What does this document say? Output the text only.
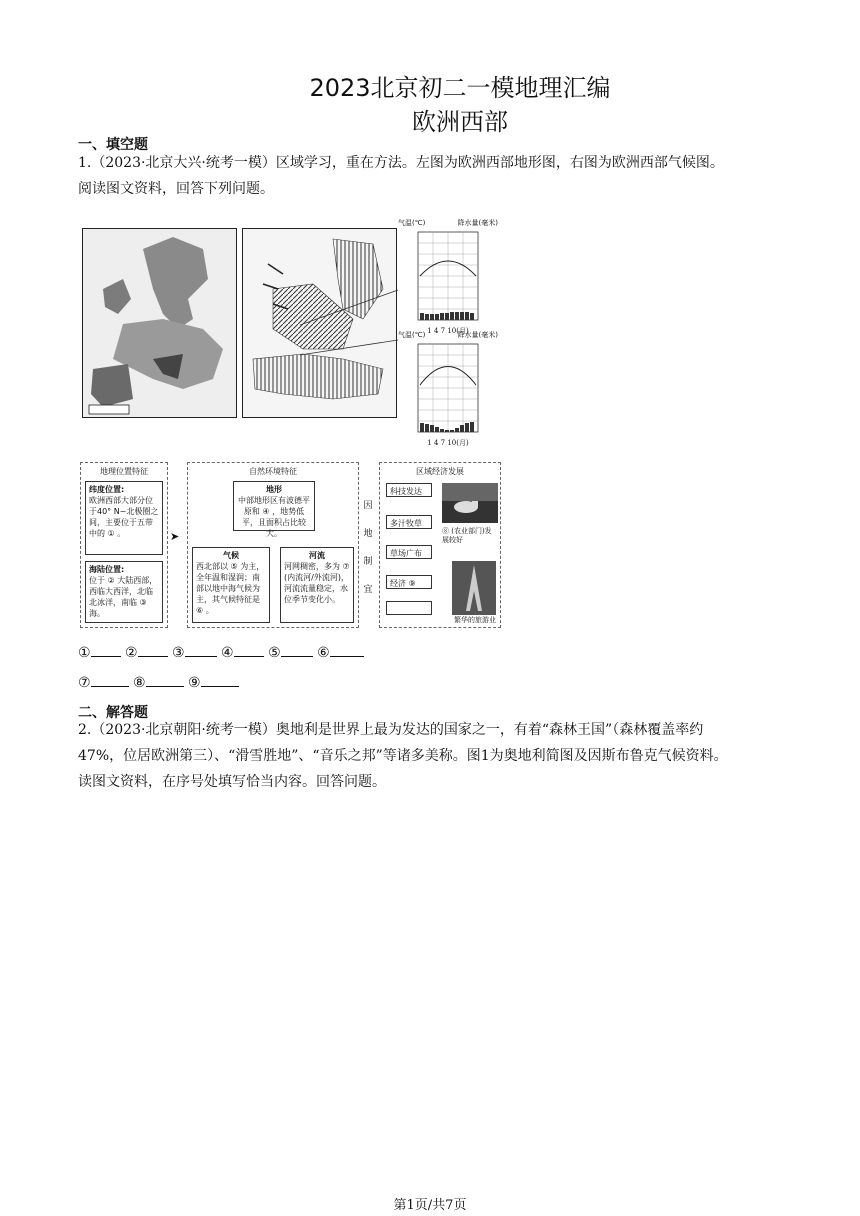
2023北京初二一模地理汇编
欧洲西部
一、填空题
1.（2023·北京大兴·统考一模）区域学习，重在方法。左图为欧洲西部地形图，右图为欧洲西部气候图。
阅读图文资料，回答下列问题。
气温(℃)	降水量(毫米)
1 4 7 10(月)
气温(℃)	降水量(毫米)
1 4 7 10(月)
地理位置特征
纬度位置:
欧洲西部大部分位于40° N~北极圈之间，主要位于五带中的 ① 。
海陆位置:
位于 ② 大陆西部，西临大西洋，北临北冰洋，南临 ③ 海。
➤
自然环境特征
地形
中部地形区有波德平原和 ④ ，地势低平，且面积占比较大。
气候
西北部以 ⑤ 为主，全年温和湿润；南部以地中海气候为主，其气候特征是 ⑥ 。
河流
河网稠密，多为 ⑦ (内流河/外流河)，河流流量稳定，水位季节变化小。
因地制宜
区域经济发展
科技发达
多汁牧草
草场广布
经济 ⑨
⑧ (农业部门)发展较好
繁华的旅游业
① ② ③	④ ⑤	⑥
⑦	⑧	⑨
二、解答题
2.（2023·北京朝阳·统考一模）奥地利是世界上最为发达的国家之一，有着“森林王国”（森林覆盖率约
47%，位居欧洲第三）、“滑雪胜地”、“音乐之邦”等诸多美称。图1为奥地利简图及因斯布鲁克气候资料。
读图文资料，在序号处填写恰当内容。回答问题。
第1页/共7页
